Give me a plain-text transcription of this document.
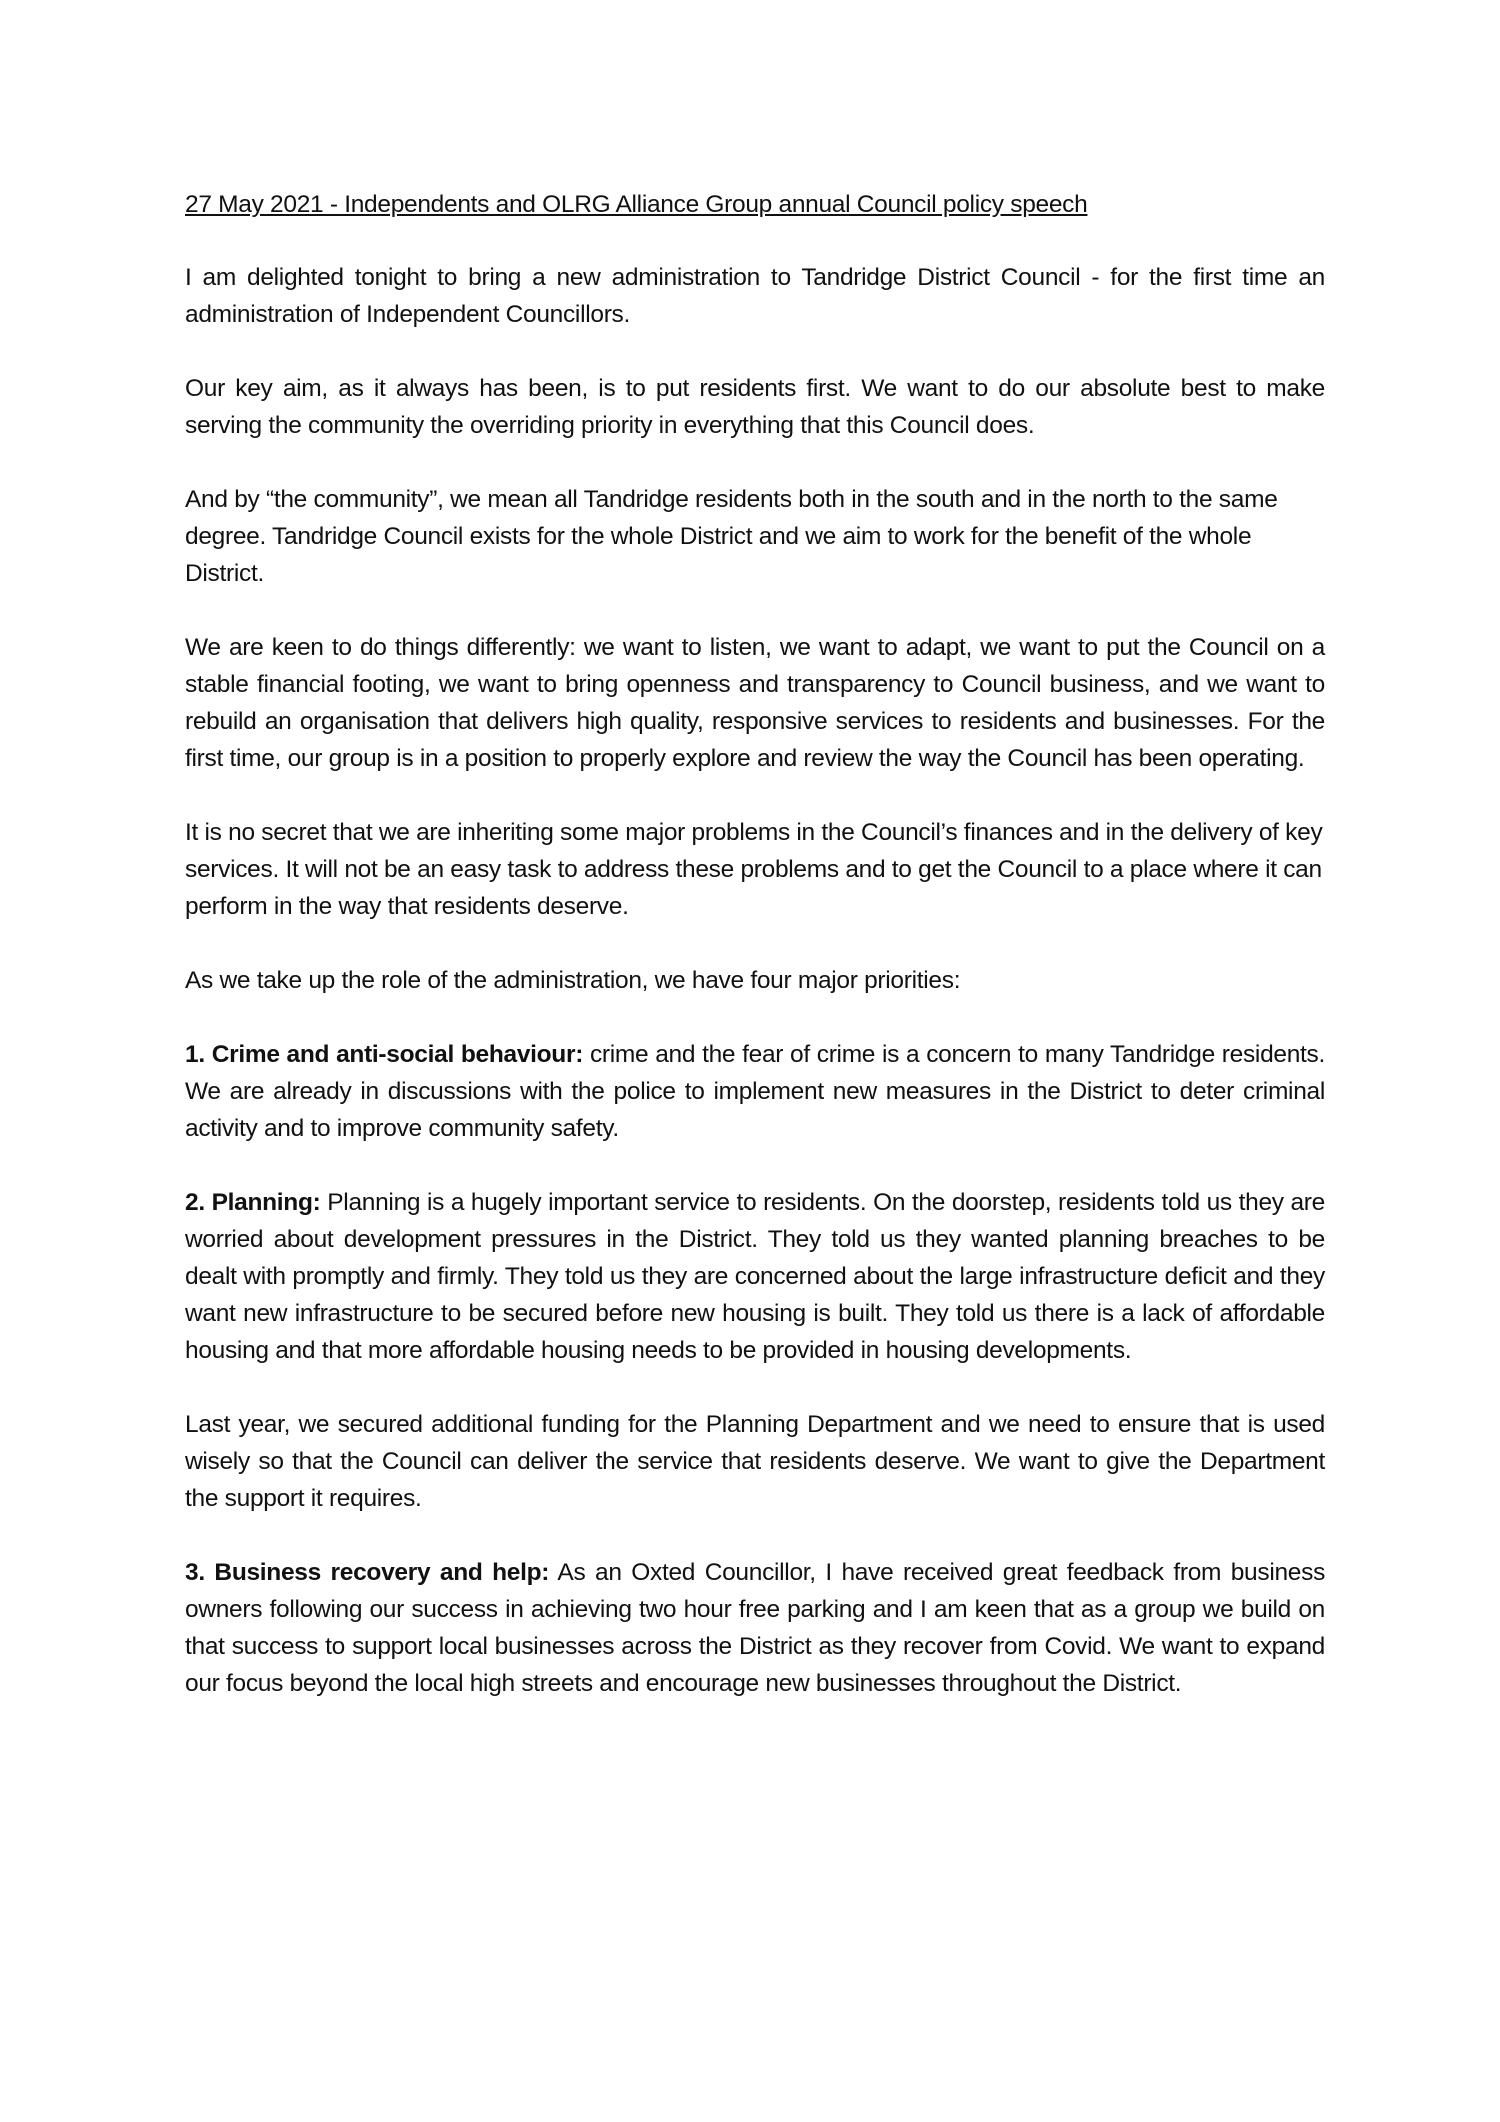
27 May 2021 - Independents and OLRG Alliance Group annual Council policy speech

I am delighted tonight to bring a new administration to Tandridge District Council - for the first time an administration of Independent Councillors.

Our key aim, as it always has been, is to put residents first. We want to do our absolute best to make serving the community the overriding priority in everything that this Council does.

And by “the community”, we mean all Tandridge residents both in the south and in the north to the same degree. Tandridge Council exists for the whole District and we aim to work for the benefit of the whole District.

We are keen to do things differently: we want to listen, we want to adapt, we want to put the Council on a stable financial footing, we want to bring openness and transparency to Council business, and we want to rebuild an organisation that delivers high quality, responsive services to residents and businesses. For the first time, our group is in a position to properly explore and review the way the Council has been operating.

It is no secret that we are inheriting some major problems in the Council’s finances and in the delivery of key services. It will not be an easy task to address these problems and to get the Council to a place where it can perform in the way that residents deserve.

As we take up the role of the administration, we have four major priorities:

1. Crime and anti-social behaviour: crime and the fear of crime is a concern to many Tandridge residents. We are already in discussions with the police to implement new measures in the District to deter criminal activity and to improve community safety.

2. Planning: Planning is a hugely important service to residents. On the doorstep, residents told us they are worried about development pressures in the District. They told us they wanted planning breaches to be dealt with promptly and firmly. They told us they are concerned about the large infrastructure deficit and they want new infrastructure to be secured before new housing is built. They told us there is a lack of affordable housing and that more affordable housing needs to be provided in housing developments.

Last year, we secured additional funding for the Planning Department and we need to ensure that is used wisely so that the Council can deliver the service that residents deserve. We want to give the Department the support it requires.

3. Business recovery and help: As an Oxted Councillor, I have received great feedback from business owners following our success in achieving two hour free parking and I am keen that as a group we build on that success to support local businesses across the District as they recover from Covid. We want to expand our focus beyond the local high streets and encourage new businesses throughout the District.
